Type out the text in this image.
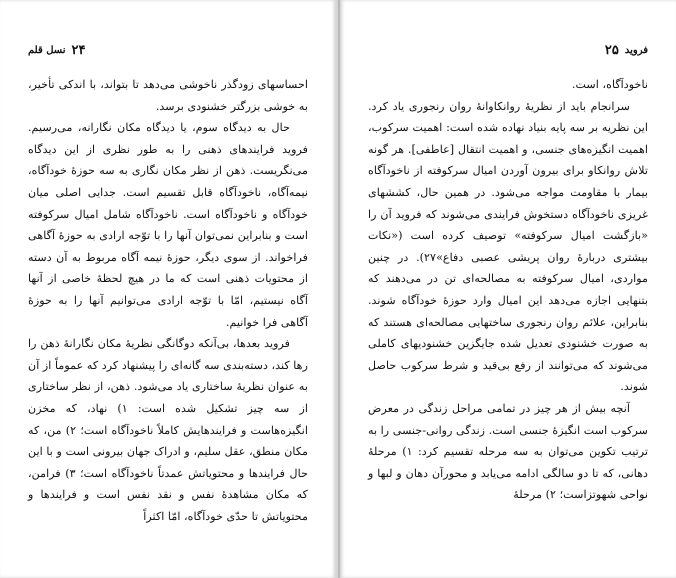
۲۴
نسل قلم

احساسهای زودگذر ناخوشی می‌دهد تا بتواند، با اندکی تأخیر، به خوشی بزرگتر خشنودی برسد.

حال به دیدگاه سوم، یا دیدگاه مکان نگارانه، می‌رسیم. فروید فرایندهای ذهنی را به طور نظری از این دیدگاه می‌نگریست. ذهن از نظر مکان نگاری به سه حوزهٔ خودآگاه، نیمه‌آگاه، ناخودآگاه قابل تقسیم است. جدایی اصلی میان خودآگاه و ناخودآگاه است. ناخودآگاه شامل امیال سرکوفته است و بنابراین نمی‌توان آنها را با توّجه ارادی به حوزهٔ آگاهی فراخواند. از سوی دیگر، حوزهٔ نیمه آگاه مربوط به آن دسته از محتویات ذهنی است که ما در هیچ لحظهٔ خاصی از آنها آگاه نیستیم، امّا با توّجه ارادی می‌توانیم آنها را به حوزهٔ آگاهی فرا خوانیم.

فروید بعدها، بی‌آنکه دوگانگی نظریهٔ مکان نگارانهٔ ذهن را رها کند، دسته‌بندی سه گانه‌ای را پیشنهاد کرد که عموماً از آن به عنوان نظریهٔ ساختاری یاد می‌شود. ذهن، از نظر ساختاری از سه چیز تشکیل شده است: ۱) نهاد، که مخزن انگیزه‌هاست و فرایندهایش کاملاً ناخودآگاه است؛ ۲) من، که مکان منطق، عقل سلیم، و ادراک جهان بیرونی است و با این حال فرایندها و محتویاتش عمدتاً ناخودآگاه است؛ ۳) فرامن، که مکان مشاهدهٔ نفس و نقد نفس است و فرایندها و محتویاتش تا حدّی خودآگاه، امّا اکثراً

فروید
۲۵

ناخودآگاه، است.

سرانجام باید از نظریهٔ روانکاوانهٔ روان رنجوری یاد کرد. این نظریه بر سه پایه بنیاد نهاده شده است: اهمیت سرکوب، اهمیت انگیزه‌های جنسی، و اهمیت انتقال [عاطفی]. هر گونه تلاش روانکاو برای بیرون آوردن امیال سرکوفته از ناخودآگاه بیمار با مقاومت مواجه می‌شود. در همین حال، کششهای غریزی ناخودآگاه دستخوش فرایندی می‌شوند که فروید آن را «بازگشت امیال سرکوفته» توصیف کرده است («نکات بیشتری دربارهٔ روان پریشی عصبی دفاع»۲۷). در چنین مواردی، امیال سرکوفته به مصالحه‌ای تن در می‌دهند که بتنهایی اجازه می‌دهد این امیال وارد حوزهٔ خودآگاه شوند. بنابراین، علائم روان رنجوری ساختهایی مصالحه‌ای هستند که به صورت خشنودی تعدیل شده جایگزین خشنودیهای کاملی می‌شوند که می‌توانند از رفع بی‌قید و شرط سرکوب حاصل شوند.

آنچه بیش از هر چیز در تمامی مراحل زندگی در معرض سرکوب است انگیزهٔ جنسی است. زندگی روانی-جنسی را به ترتیب تکوین می‌توان به سه مرحله تقسیم کرد: ۱) مرحلهٔ دهانی، که تا دو سالگی ادامه می‌یابد و محورآن دهان و لبها و نواحی شهوتزاست؛ ۲) مرحلهٔ
